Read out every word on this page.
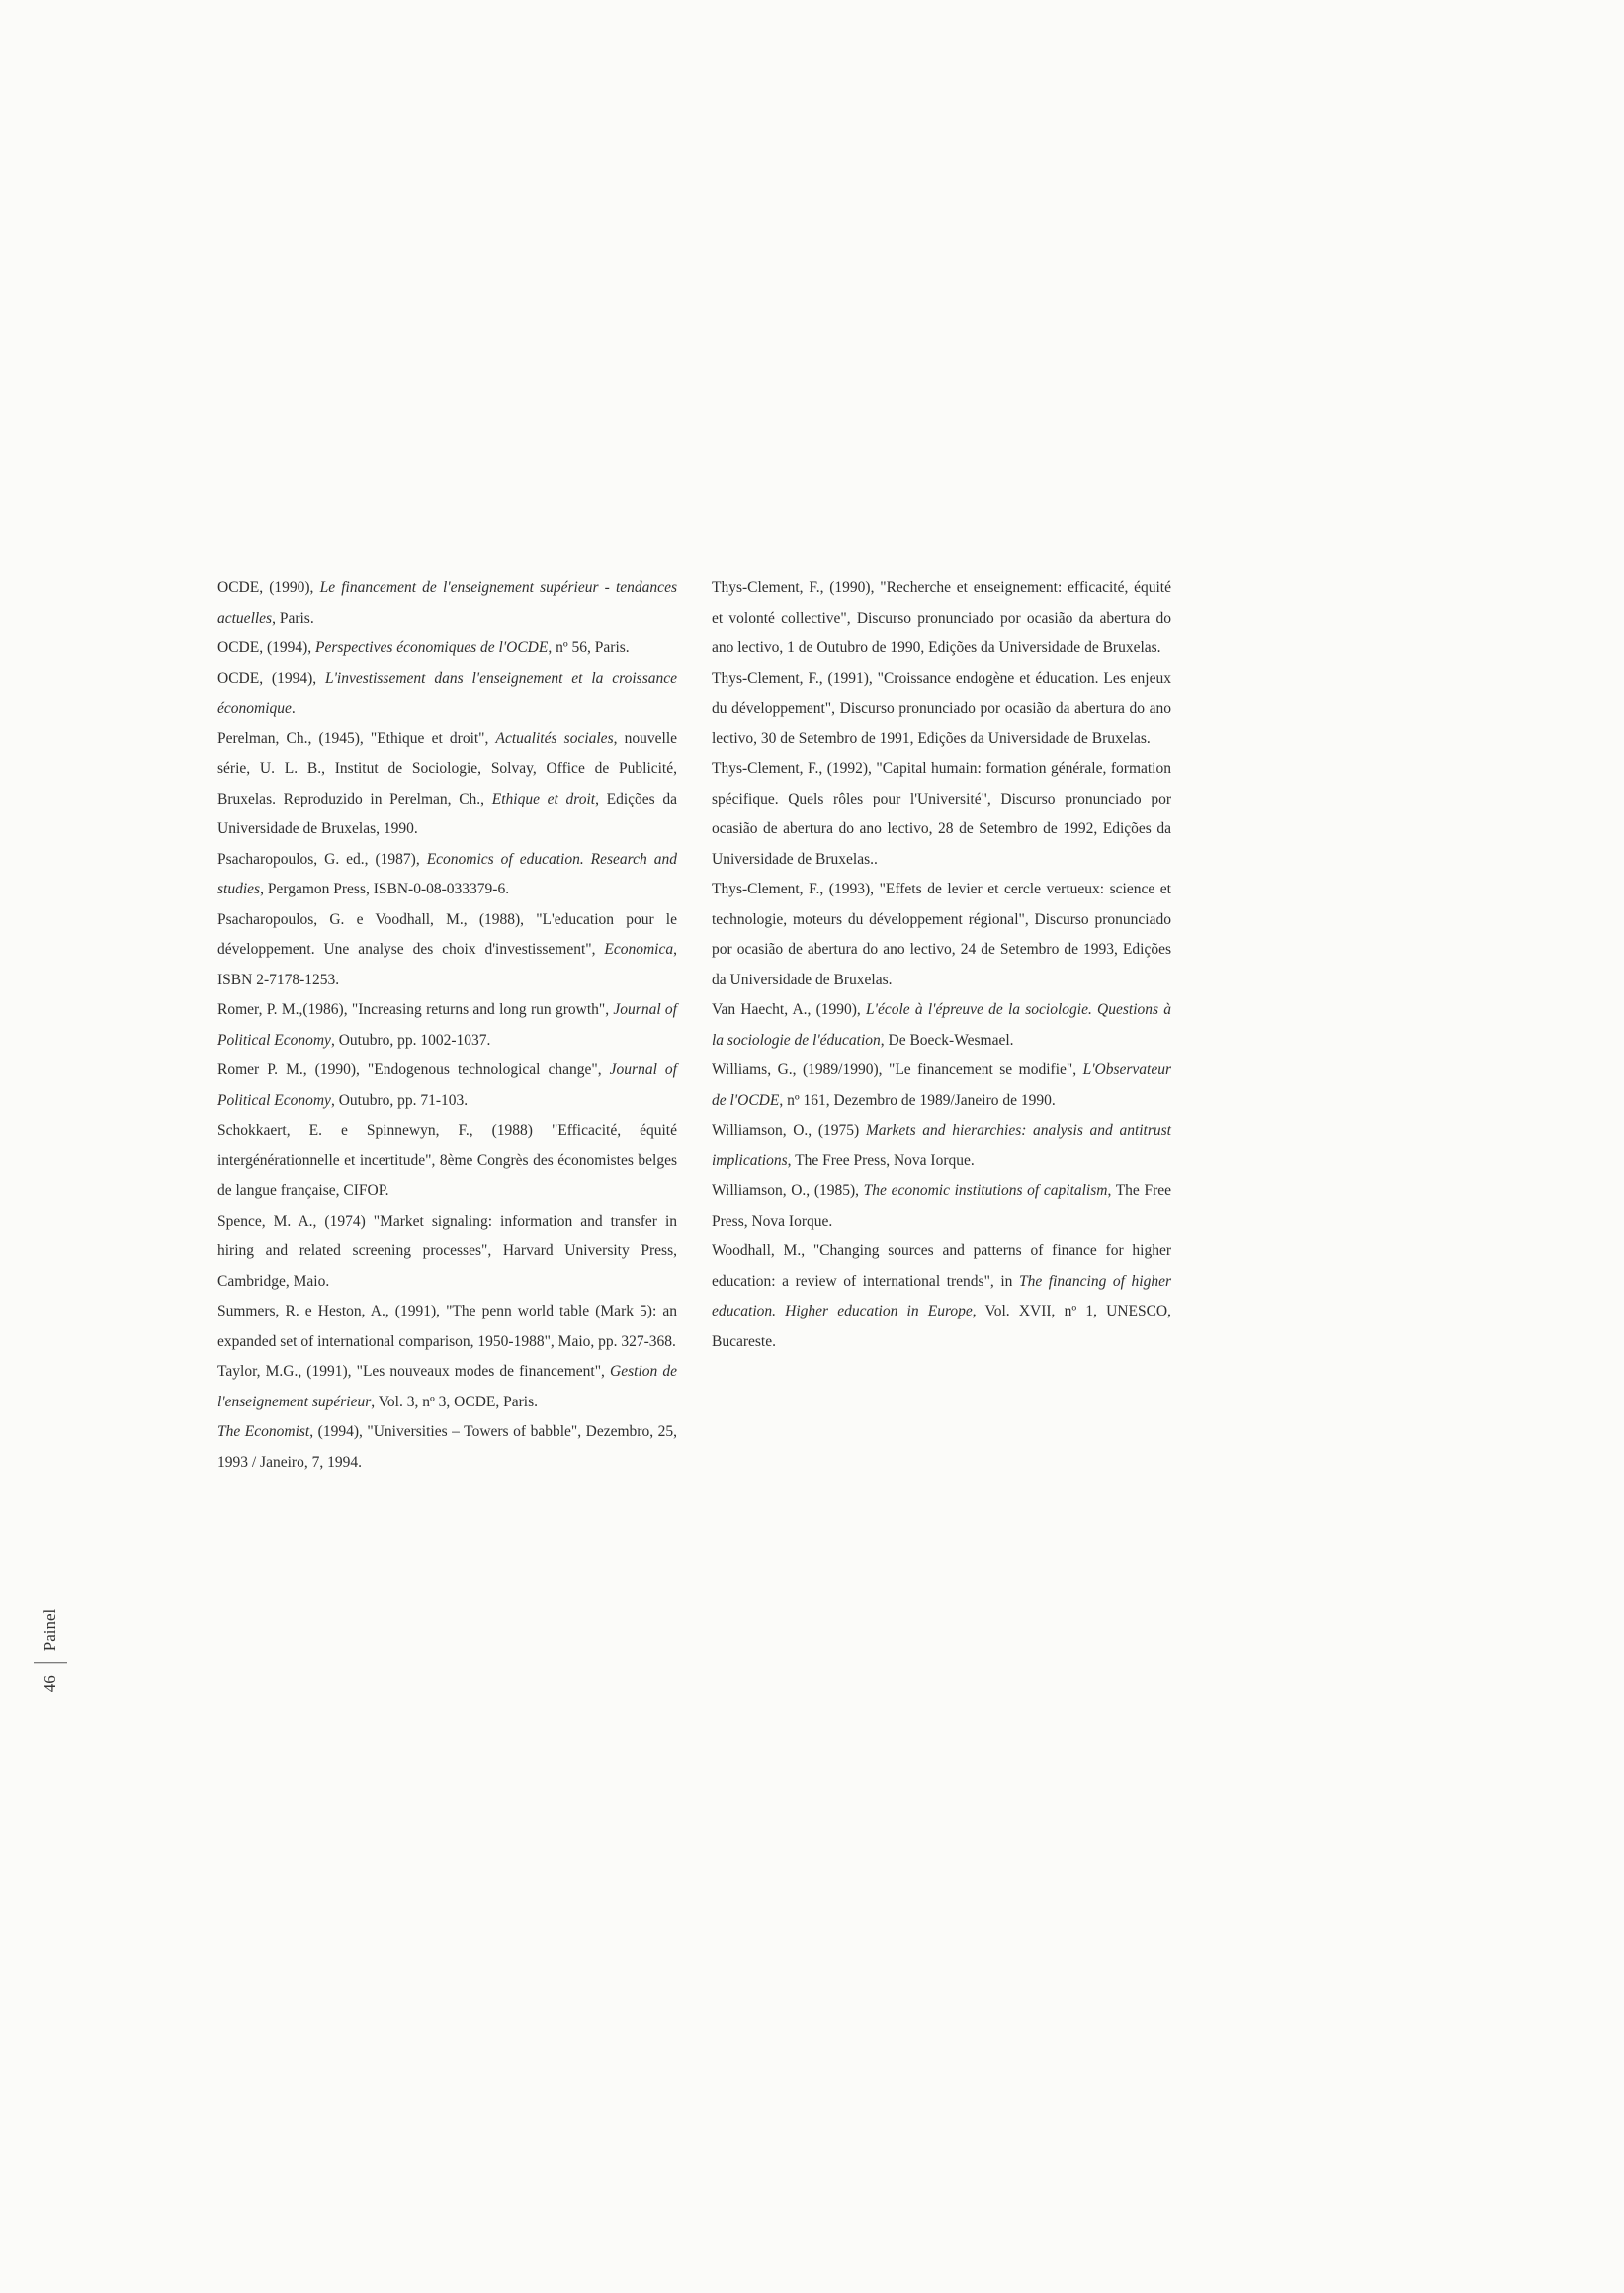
OCDE, (1990), Le financement de l'enseignement supérieur - tendances actuelles, Paris.

OCDE, (1994), Perspectives économiques de l'OCDE, nº 56, Paris.

OCDE, (1994), L'investissement dans l'enseignement et la croissance économique.

Perelman, Ch., (1945), "Ethique et droit", Actualités sociales, nouvelle série, U. L. B., Institut de Sociologie, Solvay, Office de Publicité, Bruxelas. Reproduzido in Perelman, Ch., Ethique et droit, Edições da Universidade de Bruxelas, 1990.

Psacharopoulos, G. ed., (1987), Economics of education. Research and studies, Pergamon Press, ISBN-0-08-033379-6.

Psacharopoulos, G. e Voodhall, M., (1988), "L'education pour le développement. Une analyse des choix d'investissement", Economica, ISBN 2-7178-1253.

Romer, P. M.,(1986), "Increasing returns and long run growth", Journal of Political Economy, Outubro, pp. 1002-1037.

Romer P. M., (1990), "Endogenous technological change", Journal of Political Economy, Outubro, pp. 71-103.

Schokkaert, E. e Spinnewyn, F., (1988) "Efficacité, équité intergénérationnelle et incertitude", 8ème Congrès des économistes belges de langue française, CIFOP.

Spence, M. A., (1974) "Market signaling: information and transfer in hiring and related screening processes", Harvard University Press, Cambridge, Maio.

Summers, R. e Heston, A., (1991), "The penn world table (Mark 5): an expanded set of international comparison, 1950-1988", Maio, pp. 327-368.

Taylor, M.G., (1991), "Les nouveaux modes de financement", Gestion de l'enseignement supérieur, Vol. 3, nº 3, OCDE, Paris.

The Economist, (1994), "Universities – Towers of babble", Dezembro, 25, 1993 / Janeiro, 7, 1994.

Thys-Clement, F., (1990), "Recherche et enseignement: efficacité, équité et volonté collective", Discurso pronunciado por ocasião da abertura do ano lectivo, 1 de Outubro de 1990, Edições da Universidade de Bruxelas.

Thys-Clement, F., (1991), "Croissance endogène et éducation. Les enjeux du développement", Discurso pronunciado por ocasião da abertura do ano lectivo, 30 de Setembro de 1991, Edições da Universidade de Bruxelas.

Thys-Clement, F., (1992), "Capital humain: formation générale, formation spécifique. Quels rôles pour l'Université", Discurso pronunciado por ocasião de abertura do ano lectivo, 28 de Setembro de 1992, Edições da Universidade de Bruxelas..

Thys-Clement, F., (1993), "Effets de levier et cercle vertueux: science et technologie, moteurs du développement régional", Discurso pronunciado por ocasião de abertura do ano lectivo, 24 de Setembro de 1993, Edições da Universidade de Bruxelas.

Van Haecht, A., (1990), L'école à l'épreuve de la sociologie. Questions à la sociologie de l'éducation, De Boeck-Wesmael.

Williams, G., (1989/1990), "Le financement se modifie", L'Observateur de l'OCDE, nº 161, Dezembro de 1989/Janeiro de 1990.

Williamson, O., (1975) Markets and hierarchies: analysis and antitrust implications, The Free Press, Nova Iorque.

Williamson, O., (1985), The economic institutions of capitalism, The Free Press, Nova Iorque.

Woodhall, M., "Changing sources and patterns of finance for higher education: a review of international trends", in The financing of higher education. Higher education in Europe, Vol. XVII, nº 1, UNESCO, Bucareste.

46
Painel
